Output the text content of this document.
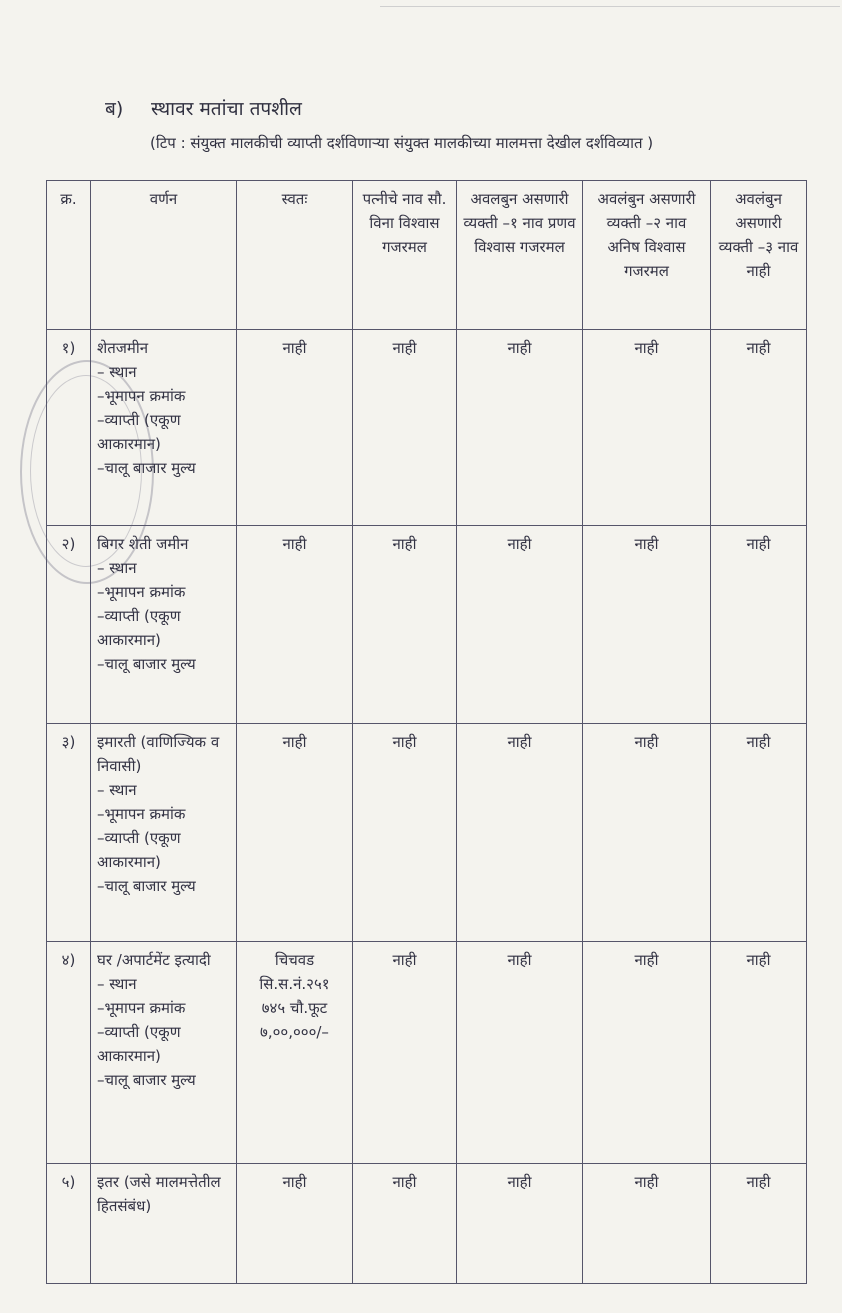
ब) स्थावर मतांचा तपशील
(टिप : संयुक्त मालकीची व्याप्ती दर्शविणाऱ्या संयुक्त मालकीच्या मालमत्ता देखील दर्शविव्यात )
क्र.	वर्णन	स्वतः	पत्नीचे नाव सौ. विना विश्वास गजरमल	अवलबुन असणारी व्यक्ती –१ नाव प्रणव विश्वास गजरमल	अवलंबुन असणारी व्यक्ती –२ नाव अनिष विश्वास गजरमल	अवलंबुन असणारी व्यक्ती –३ नाव नाही
१)	शेतजमीन
– स्थान
–भूमापन क्रमांक
–व्याप्ती (एकूण आकारमान)
–चालू बाजार मुल्य	नाही	नाही	नाही	नाही	नाही
२)	बिगर शेती जमीन
– स्थान
–भूमापन क्रमांक
–व्याप्ती (एकूण आकारमान)
–चालू बाजार मुल्य	नाही	नाही	नाही	नाही	नाही
३)	इमारती (वाणिज्यिक व निवासी)
– स्थान
–भूमापन क्रमांक
–व्याप्ती (एकूण आकारमान)
–चालू बाजार मुल्य	नाही	नाही	नाही	नाही	नाही
४)	घर /अपार्टमेंट इत्यादी
– स्थान
–भूमापन क्रमांक
–व्याप्ती (एकूण आकारमान)
–चालू बाजार मुल्य	चिचवड
सि.स.नं.२५१
७४५ चौ.फूट
७,००,०००/–	नाही	नाही	नाही	नाही
५)	इतर (जसे मालमत्तेतील हितसंबंध)	नाही	नाही	नाही	नाही	नाही
